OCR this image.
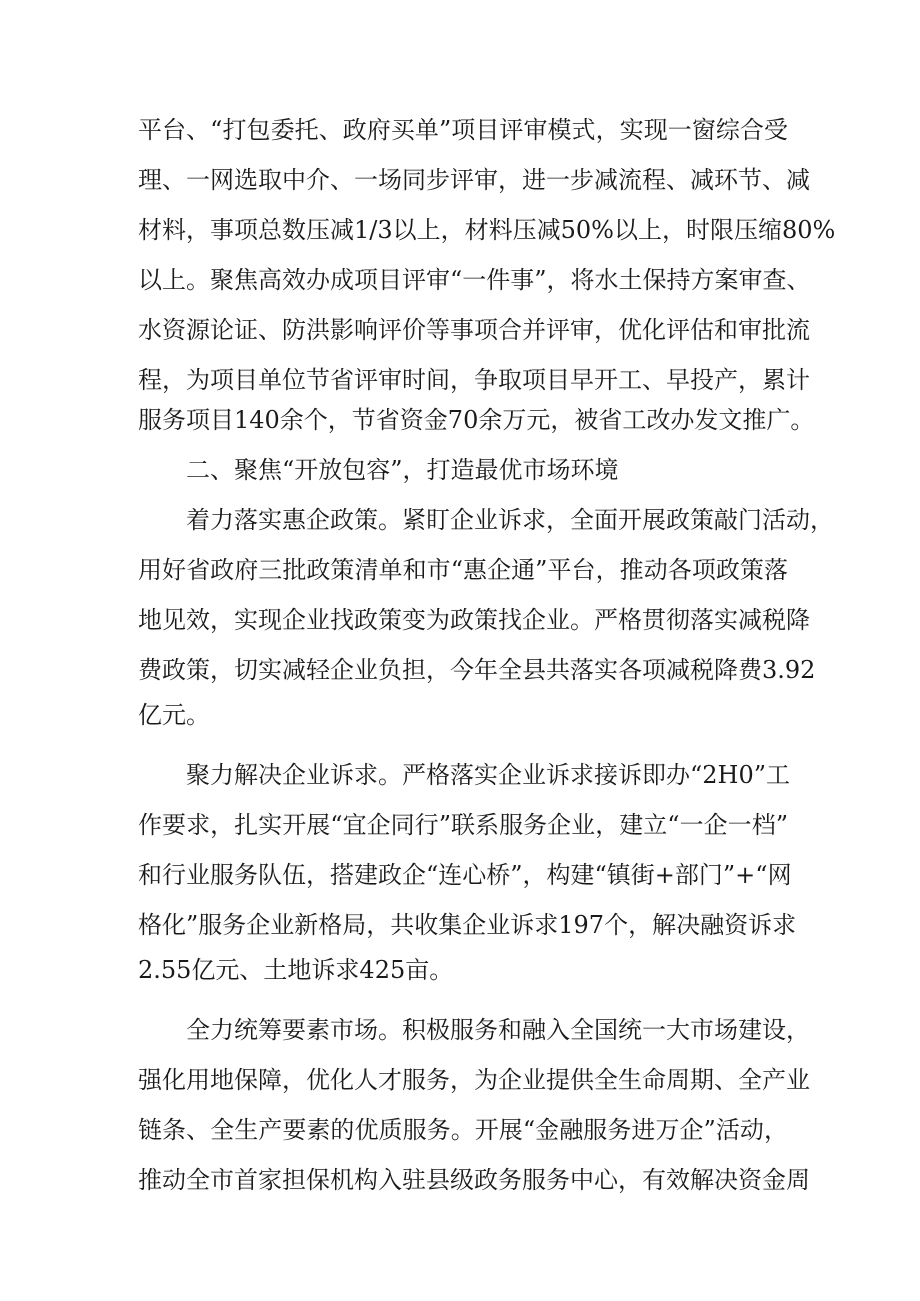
平台、“打包委托、政府买单”项目评审模式，实现一窗综合受
理、一网选取中介、一场同步评审，进一步减流程、减环节、减
材料，事项总数压减1/3以上，材料压减50%以上，时限压缩80%
以上。聚焦高效办成项目评审“一件事”，将水土保持方案审查、
水资源论证、防洪影响评价等事项合并评审，优化评估和审批流
程，为项目单位节省评审时间，争取项目早开工、早投产，累计
服务项目140余个，节省资金70余万元，被省工改办发文推广。
二、聚焦“开放包容”，打造最优市场环境
着力落实惠企政策。紧盯企业诉求，全面开展政策敲门活动，
用好省政府三批政策清单和市“惠企通”平台，推动各项政策落
地见效，实现企业找政策变为政策找企业。严格贯彻落实减税降
费政策，切实减轻企业负担，今年全县共落实各项减税降费3.92
亿元。
聚力解决企业诉求。严格落实企业诉求接诉即办“2H0”工
作要求，扎实开展“宜企同行”联系服务企业，建立“一企一档”
和行业服务队伍，搭建政企“连心桥”，构建“镇街+部门”+“网
格化”服务企业新格局，共收集企业诉求197个，解决融资诉求
2.55亿元、土地诉求425亩。
全力统筹要素市场。积极服务和融入全国统一大市场建设，
强化用地保障，优化人才服务，为企业提供全生命周期、全产业
链条、全生产要素的优质服务。开展“金融服务进万企”活动，
推动全市首家担保机构入驻县级政务服务中心，有效解决资金周
